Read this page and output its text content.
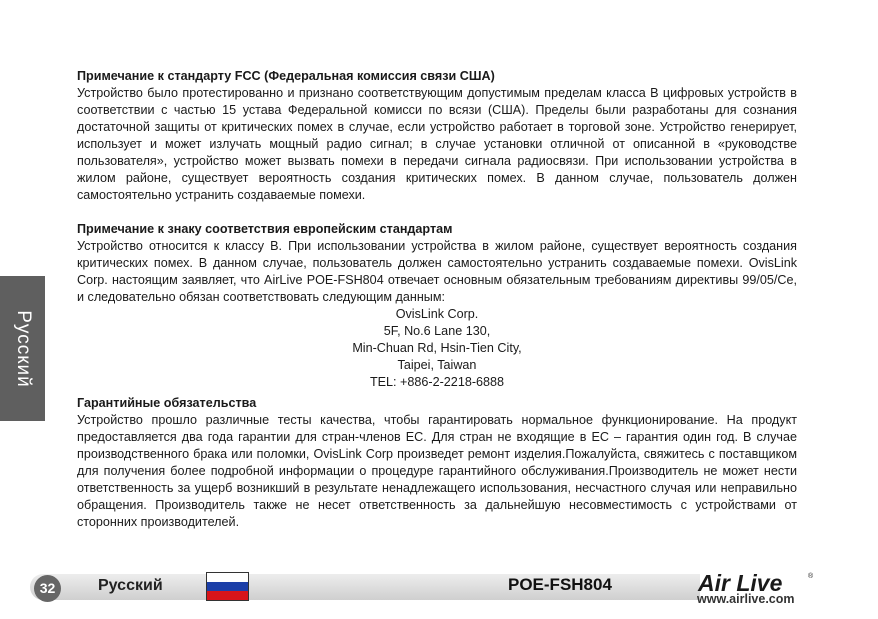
Примечание к стандарту FCC (Федеральная комиссия связи США)

Устройство было протестированно и признано соответствующим допустимым пределам класса B цифровых устройств в соответствии с частью 15 устава Федеральной комисси по всязи (США). Пределы были разработаны для сознания достаточной защиты от критических помех в случае, если устройство работает в торговой зоне. Устройство генерирует, использует и может излучать мощный радио сигнал; в случае установки отличной от описанной в «руководстве пользователя», устройство может вызвать помехи в передачи сигнала радиосвязи. При использовании устройства в жилом районе, существует вероятность создания критических помех. В данном случае, пользователь должен самостоятельно устранить создаваемые помехи.

Примечание к знаку соответствия европейским стандартам

Устройство относится к классу B. При использовании устройства в жилом районе, существует вероятность создания критических помех. В данном случае, пользователь должен самостоятельно устранить создаваемые помехи. OvisLink Corp. настоящим заявляет, что AirLive POE-FSH804 отвечает основным обязательным требованиям директивы 99/05/Ce, и следовательно обязан соответствовать следующим данным:

OvisLink Corp.
5F, No.6 Lane 130,
Min-Chuan Rd, Hsin-Tien City,
Taipei, Taiwan
TEL: +886-2-2218-6888

Гарантийные обязательства

Устройство прошло различные тесты качества, чтобы гарантировать нормальное функционирование. На продукт предоставляется два года гарантии для стран-членов ЕС. Для стран не входящие в ЕС – гарантия один год. В случае производственного брака или поломки, OvisLink Corp произведет ремонт изделия.Пожалуйста, свяжитесь с поставщиком для получения более подробной информации о процедуре гарантийного обслуживания.Производитель не может нести ответственность за ущерб возникший в результате ненадлежащего использования, несчастного случая или неправильно обращения. Производитель также не несет ответственность за дальнейшую несовместимость с устройствами от сторонних производителей.

Русский
32	Русский	POE-FSH804	Air Live	®
www.airlive.com
